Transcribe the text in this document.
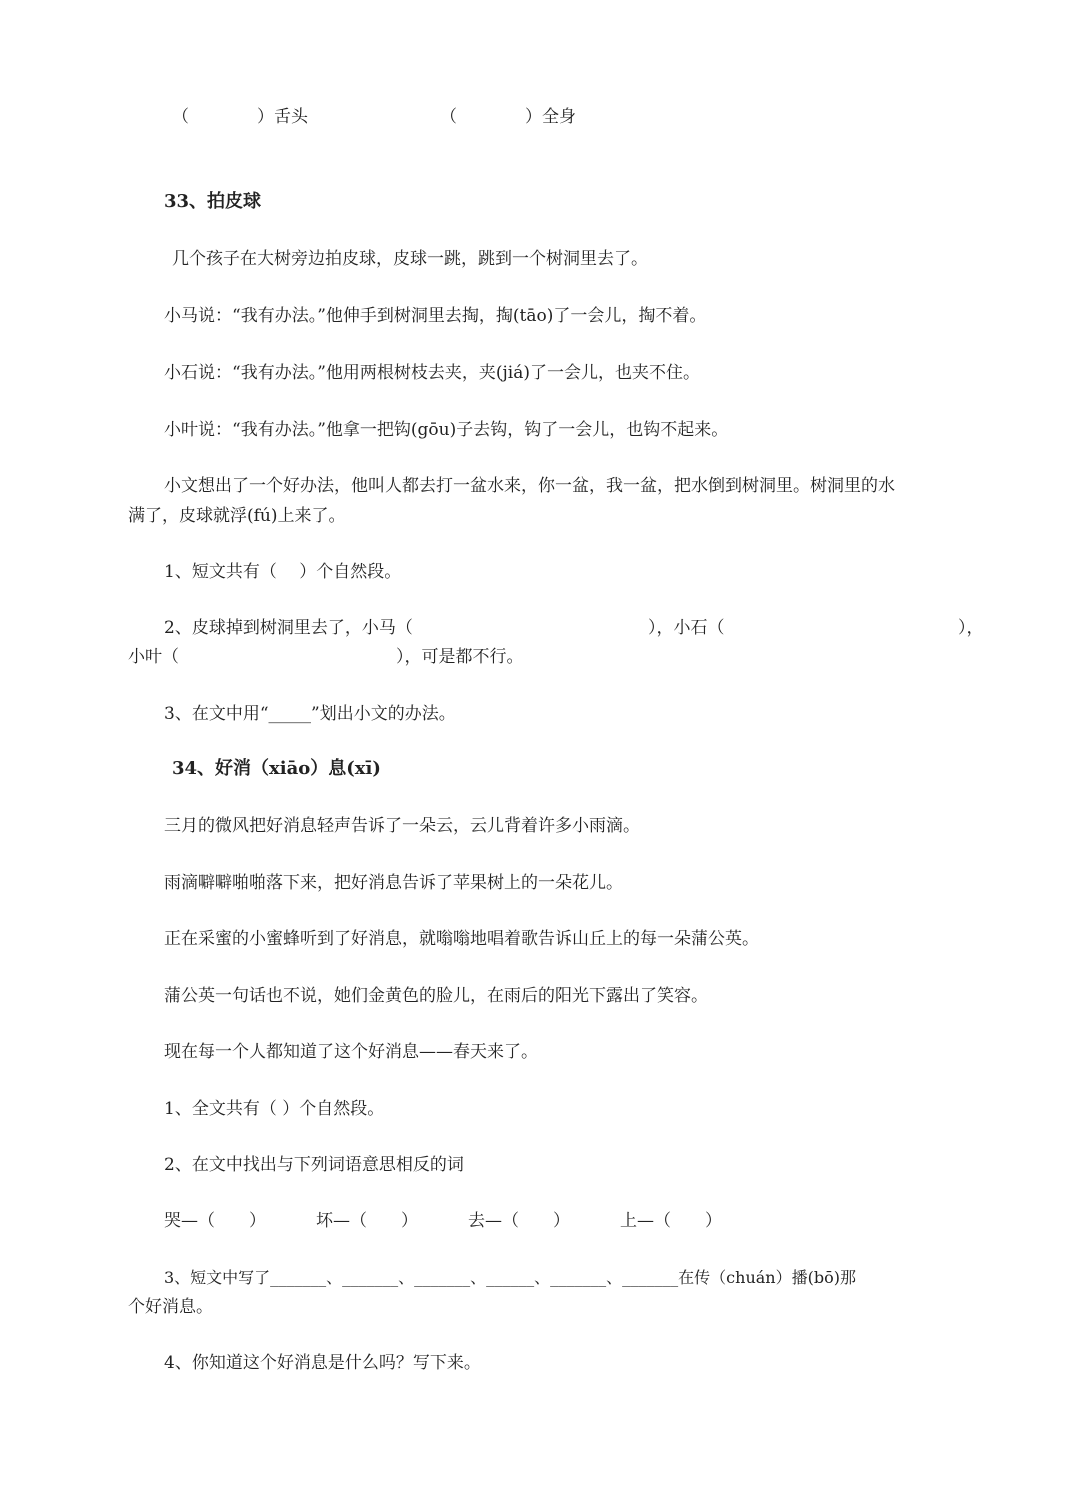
（　　　　）舌头	（　　　　）全身
33、拍皮球
几个孩子在大树旁边拍皮球，皮球一跳，跳到一个树洞里去了。
小马说：“我有办法。”他伸手到树洞里去掏，掏(tāo)了一会儿，掏不着。
小石说：“我有办法。”他用两根树枝去夹，夹(jiá)了一会儿，也夹不住。
小叶说：“我有办法。”他拿一把钩(gōu)子去钩，钩了一会儿，也钩不起来。
小文想出了一个好办法，他叫人都去打一盆水来，你一盆，我一盆，把水倒到树洞里。树洞里的水
满了，皮球就浮(fú)上来了。
1、短文共有（　 ）个自然段。
2、皮球掉到树洞里去了，小马（	），小石（	），
小叶（	），可是都不行。
3、在文中用“_____”划出小文的办法。
34、好消（xiāo）息(xī)
三月的微风把好消息轻声告诉了一朵云，云儿背着许多小雨滴。
雨滴噼噼啪啪落下来，把好消息告诉了苹果树上的一朵花儿。
正在采蜜的小蜜蜂听到了好消息，就嗡嗡地唱着歌告诉山丘上的每一朵蒲公英。
蒲公英一句话也不说，她们金黄色的脸儿，在雨后的阳光下露出了笑容。
现在每一个人都知道了这个好消息——春天来了。
1、全文共有（ ）个自然段。
2、在文中找出与下列词语意思相反的词
哭—（　　）	坏—（　　）	去—（　　）	上—（　　）
3、短文中写了_______、_______、_______、______、_______、_______在传（chuán）播(bō)那
个好消息。
4、你知道这个好消息是什么吗？写下来。
